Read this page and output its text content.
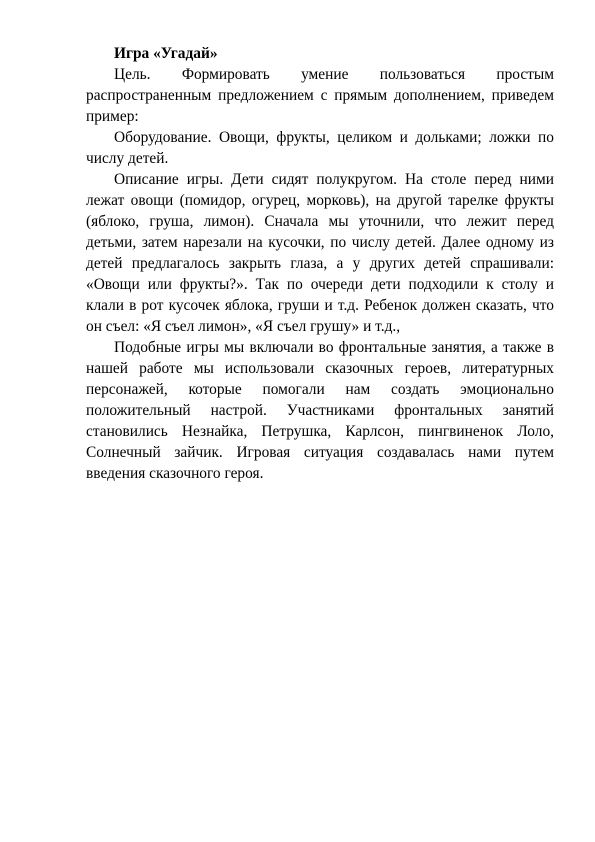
Игра «Угадай»

Цель. Формировать умение пользоваться простым распространенным предложением с прямым дополнением, приведем пример:

Оборудование. Овощи, фрукты, целиком и дольками; ложки по числу детей.

Описание игры. Дети сидят полукругом. На столе перед ними лежат овощи (помидор, огурец, морковь), на другой тарелке фрукты (яблоко, груша, лимон). Сначала мы уточнили, что лежит перед детьми, затем нарезали на кусочки, по числу детей. Далее одному из детей предлагалось закрыть глаза, а у других детей спрашивали: «Овощи или фрукты?». Так по очереди дети подходили к столу и клали в рот кусочек яблока, груши и т.д. Ребенок должен сказать, что он съел: «Я съел лимон», «Я съел грушу» и т.д.,

Подобные игры мы включали во фронтальные занятия, а также в нашей работе мы использовали сказочных героев, литературных персонажей, которые помогали нам создать эмоционально положительный настрой. Участниками фронтальных занятий становились Незнайка, Петрушка, Карлсон, пингвиненок Лоло, Солнечный зайчик. Игровая ситуация создавалась нами путем введения сказочного героя.
